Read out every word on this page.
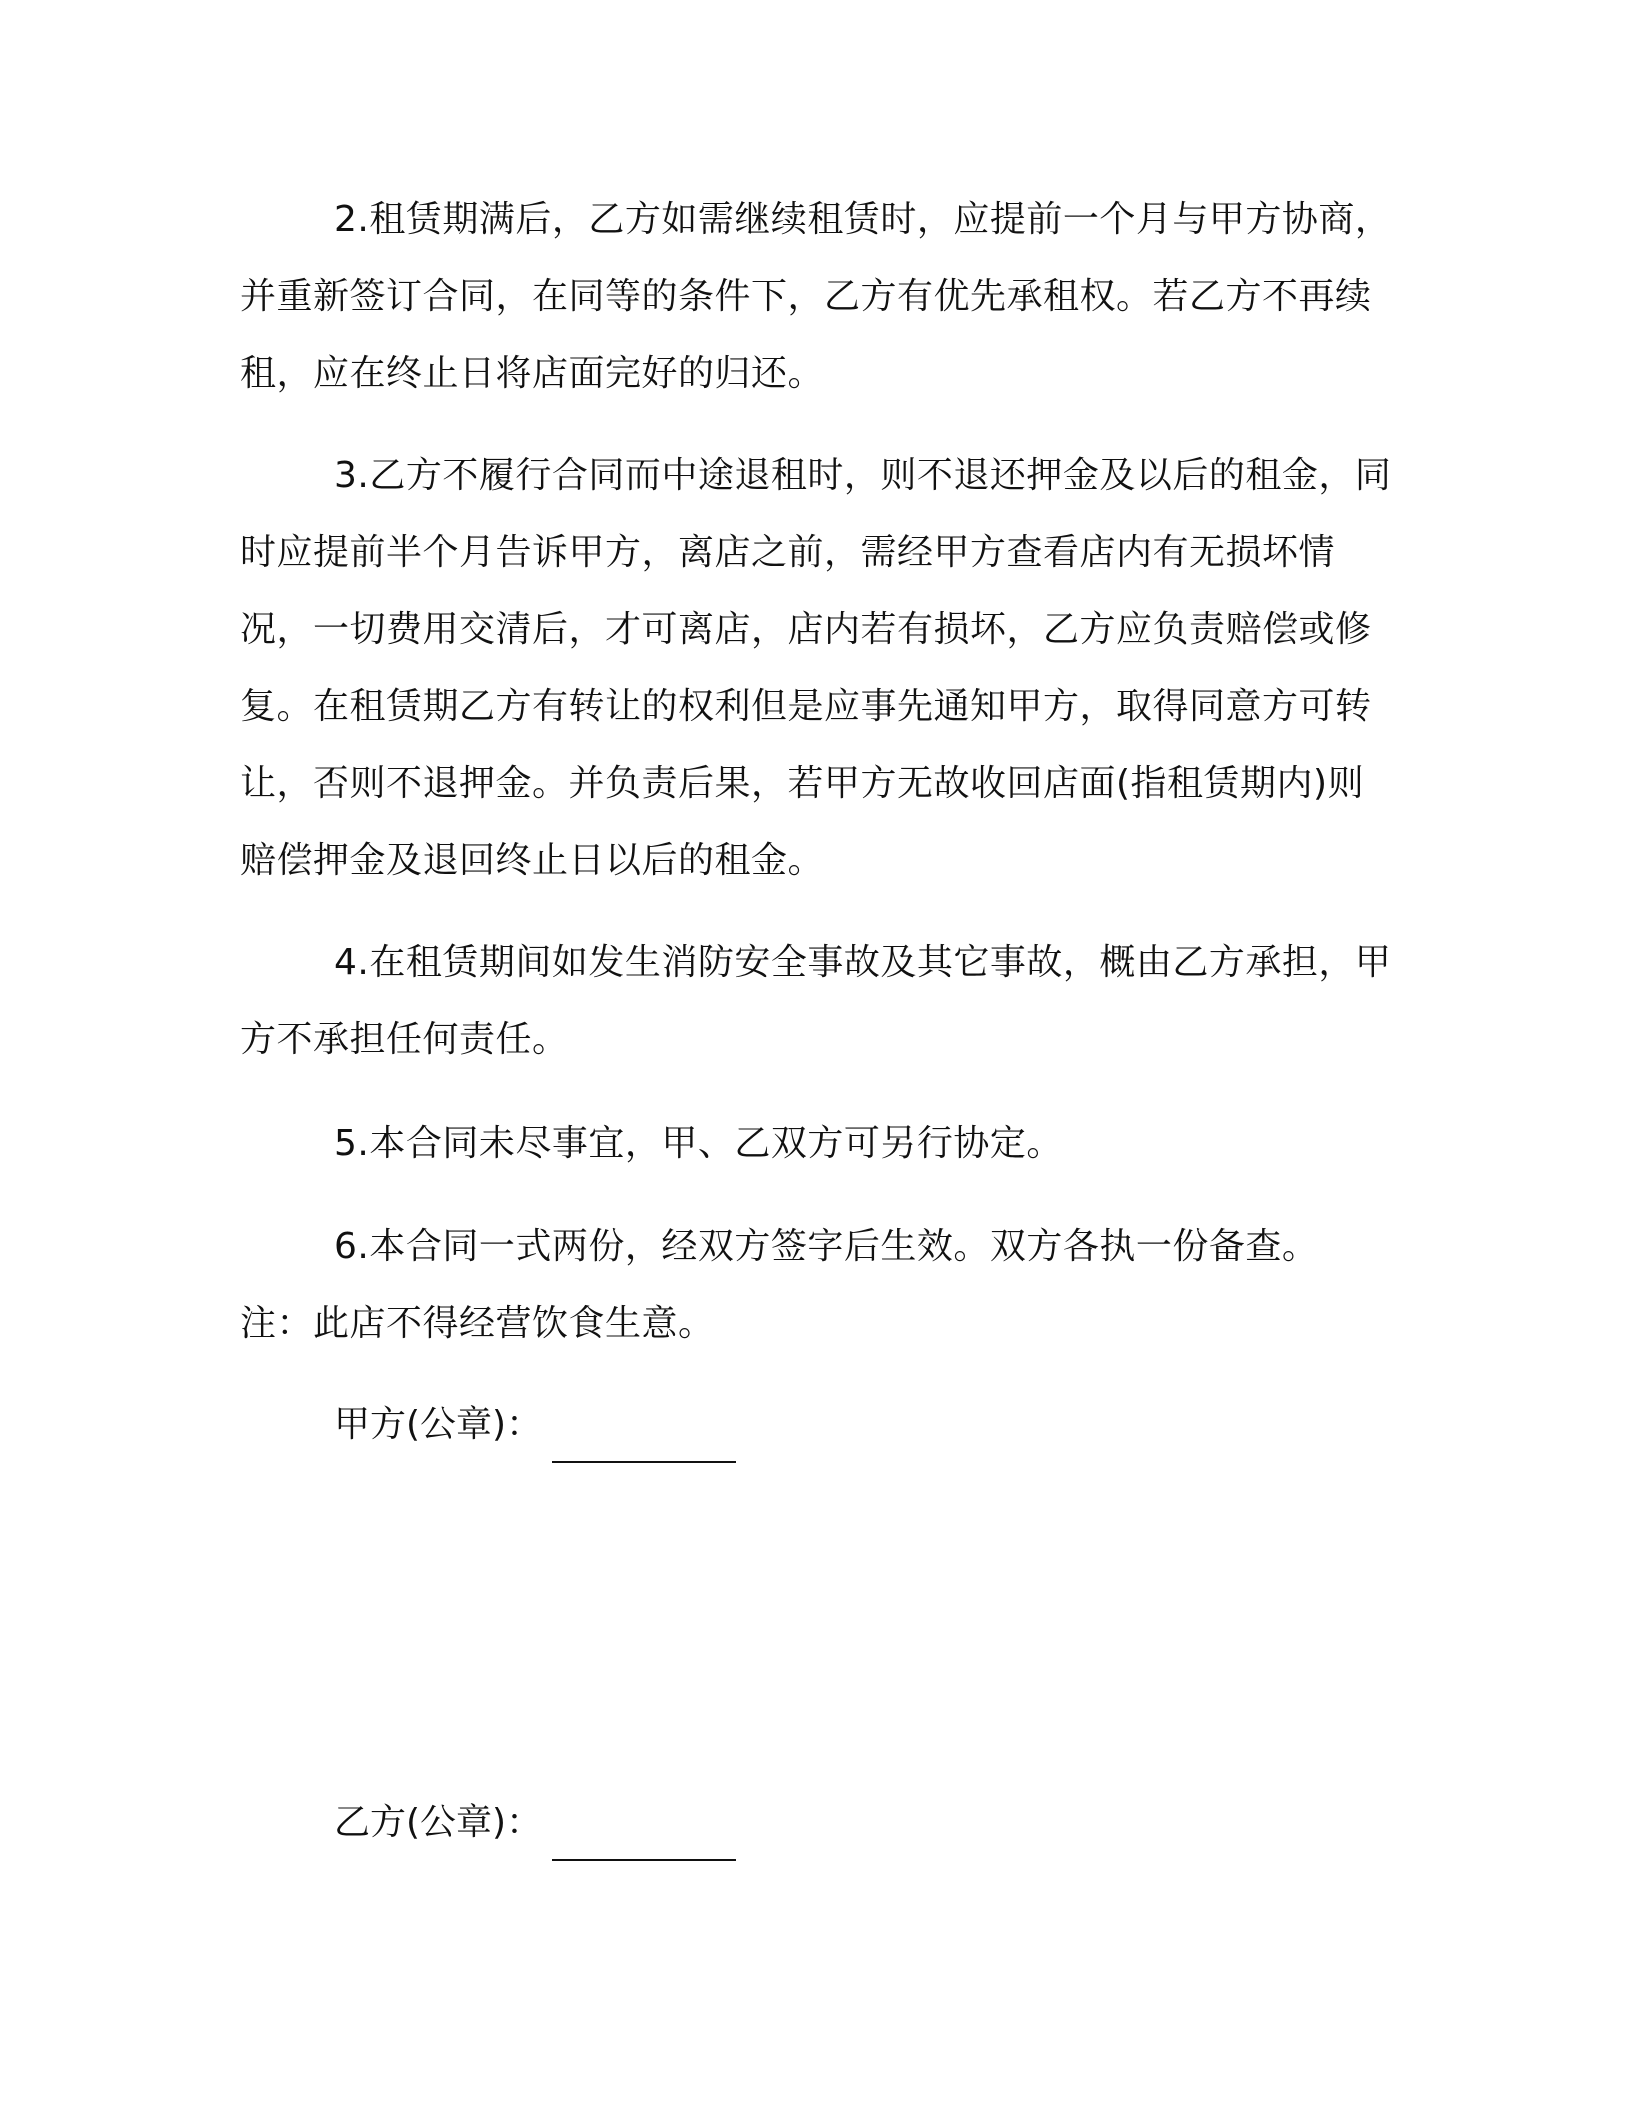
2.租赁期满后，乙方如需继续租赁时，应提前一个月与甲方协商，并重新签订合同，在同等的条件下，乙方有优先承租权。若乙方不再续租，应在终止日将店面完好的归还。

3.乙方不履行合同而中途退租时，则不退还押金及以后的租金，同时应提前半个月告诉甲方，离店之前，需经甲方查看店内有无损坏情况，一切费用交清后，才可离店，店内若有损坏，乙方应负责赔偿或修复。在租赁期乙方有转让的权利但是应事先通知甲方，取得同意方可转让，否则不退押金。并负责后果，若甲方无故收回店面(指租赁期内)则赔偿押金及退回终止日以后的租金。

4.在租赁期间如发生消防安全事故及其它事故，概由乙方承担，甲方不承担任何责任。

5.本合同未尽事宜，甲、乙双方可另行协定。

6.本合同一式两份，经双方签字后生效。双方各执一份备查。 注：此店不得经营饮食生意。

甲方(公章)：
乙方(公章)：
